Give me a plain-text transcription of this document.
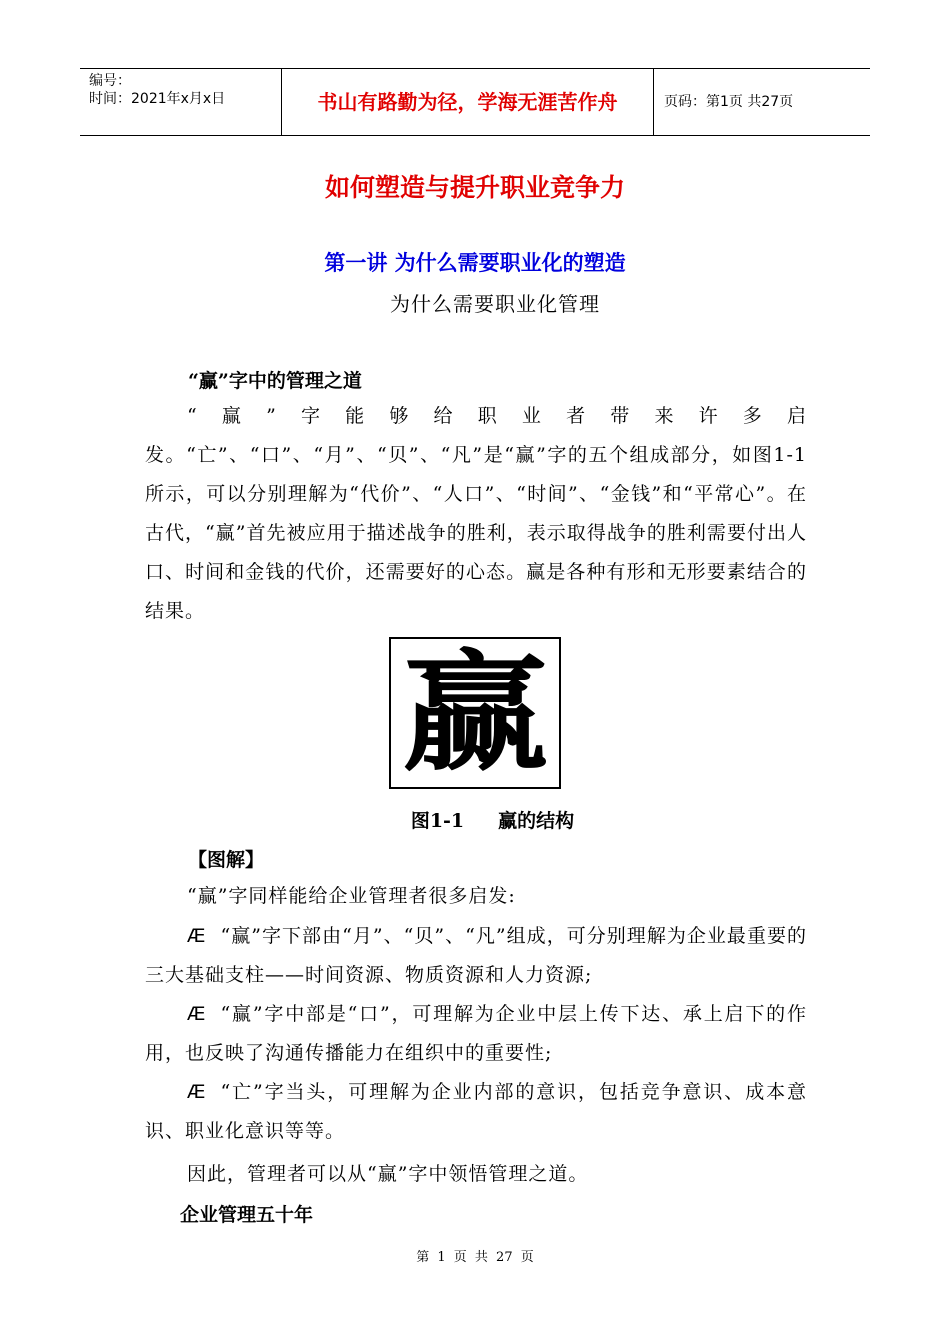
编号：
时间：2021年x月x日	书山有路勤为径，学海无涯苦作舟	页码：第1页 共27页
如何塑造与提升职业竞争力
第一讲 为什么需要职业化的塑造
为什么需要职业化管理
“赢”字中的管理之道
“赢”字能够给职业者带来许多启发。“亡”、“口”、“月”、“贝”、“凡”是“赢”字的五个组成部分，如图1-1所示，可以分别理解为“代价”、“人口”、“时间”、“金钱”和“平常心”。在古代，“赢”首先被应用于描述战争的胜利，表示取得战争的胜利需要付出人口、时间和金钱的代价，还需要好的心态。赢是各种有形和无形要素结合的结果。
赢
图1-1 赢的结构
【图解】
“赢”字同样能给企业管理者很多启发:
Æ “赢”字下部由“月”、“贝”、“凡”组成，可分别理解为企业最重要的三大基础支柱——时间资源、物质资源和人力资源;
Æ “赢”字中部是“口”，可理解为企业中层上传下达、承上启下的作用，也反映了沟通传播能力在组织中的重要性;
Æ “亡”字当头，可理解为企业内部的意识，包括竞争意识、成本意识、职业化意识等等。
因此，管理者可以从“赢”字中领悟管理之道。
企业管理五十年
第 1 页 共 27 页
